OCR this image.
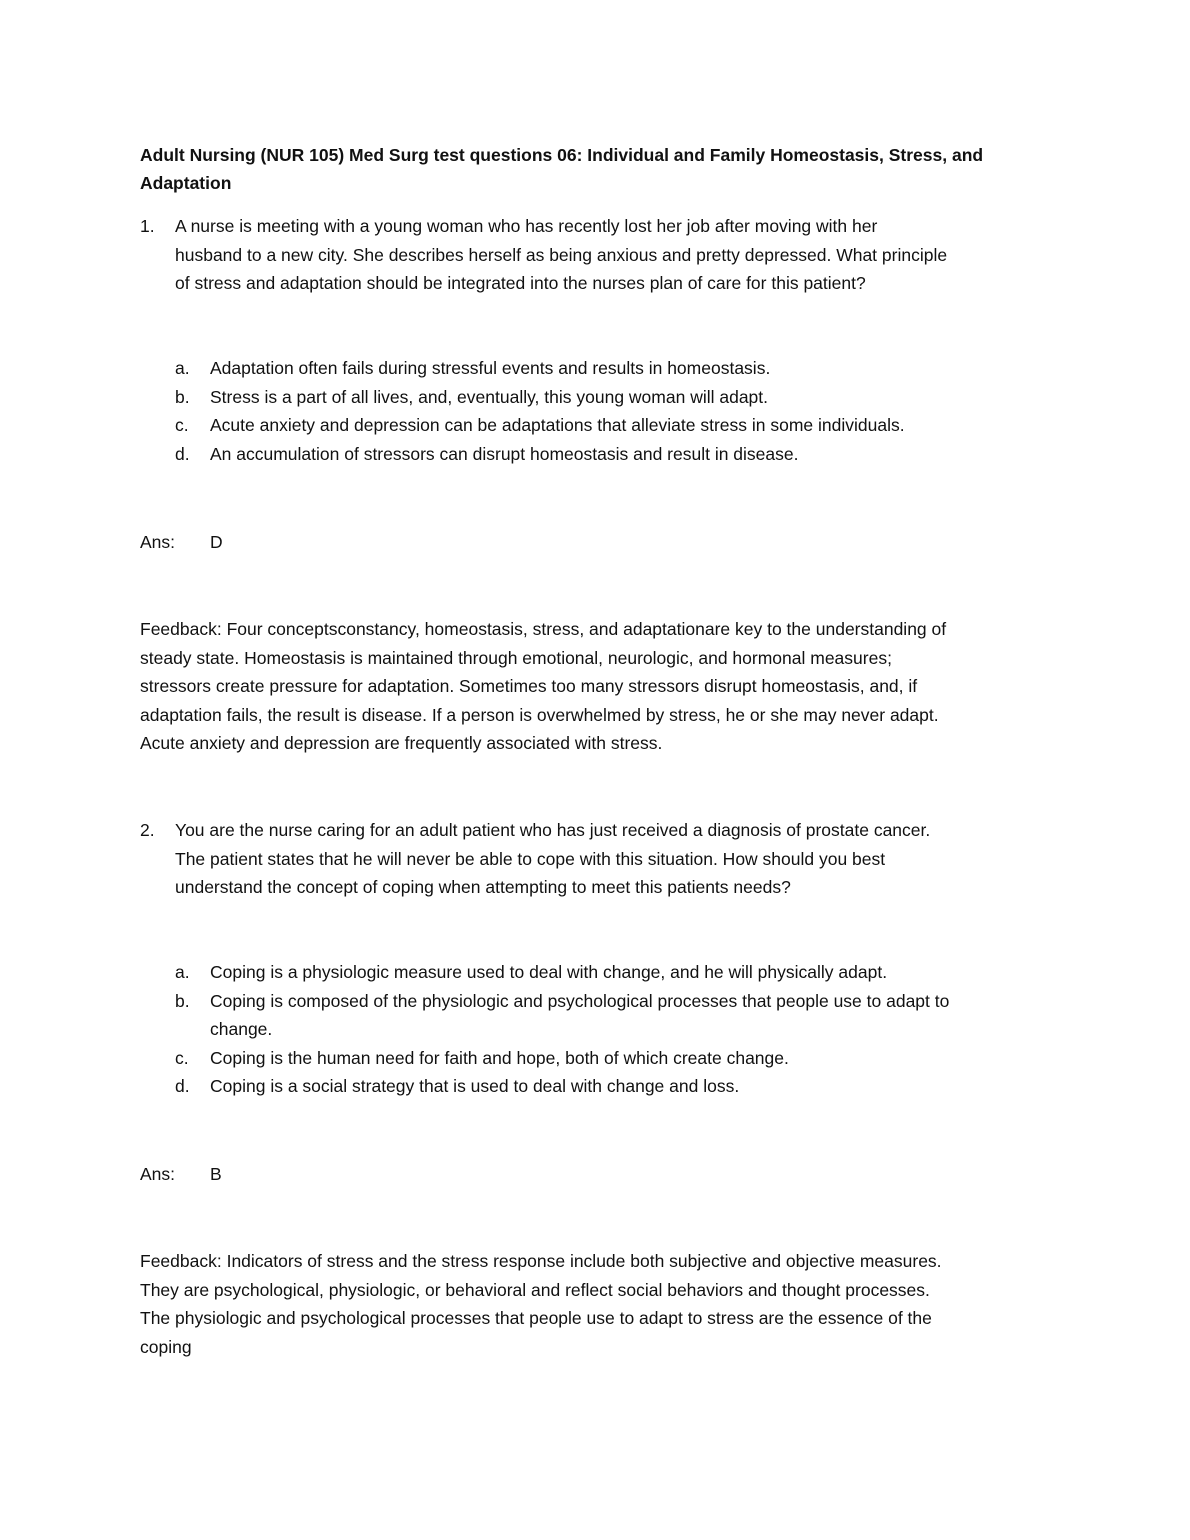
Adult Nursing (NUR 105) Med Surg test questions 06: Individual and Family Homeostasis, Stress, and
Adaptation
1. A nurse is meeting with a young woman who has recently lost her job after moving with her
husband to a new city. She describes herself as being anxious and pretty depressed. What principle
of stress and adaptation should be integrated into the nurses plan of care for this patient?
a. Adaptation often fails during stressful events and results in homeostasis.
b. Stress is a part of all lives, and, eventually, this young woman will adapt.
c. Acute anxiety and depression can be adaptations that alleviate stress in some individuals.
d. An accumulation of stressors can disrupt homeostasis and result in disease.
Ans: D
Feedback: Four conceptsconstancy, homeostasis, stress, and adaptationare key to the understanding of
steady state. Homeostasis is maintained through emotional, neurologic, and hormonal measures;
stressors create pressure for adaptation. Sometimes too many stressors disrupt homeostasis, and, if
adaptation fails, the result is disease. If a person is overwhelmed by stress, he or she may never adapt.
Acute anxiety and depression are frequently associated with stress.
2. You are the nurse caring for an adult patient who has just received a diagnosis of prostate cancer.
The patient states that he will never be able to cope with this situation. How should you best
understand the concept of coping when attempting to meet this patients needs?
a. Coping is a physiologic measure used to deal with change, and he will physically adapt.
b. Coping is composed of the physiologic and psychological processes that people use to adapt to
change.
c. Coping is the human need for faith and hope, both of which create change.
d. Coping is a social strategy that is used to deal with change and loss.
Ans: B
Feedback: Indicators of stress and the stress response include both subjective and objective measures.
They are psychological, physiologic, or behavioral and reflect social behaviors and thought processes.
The physiologic and psychological processes that people use to adapt to stress are the essence of the
coping
